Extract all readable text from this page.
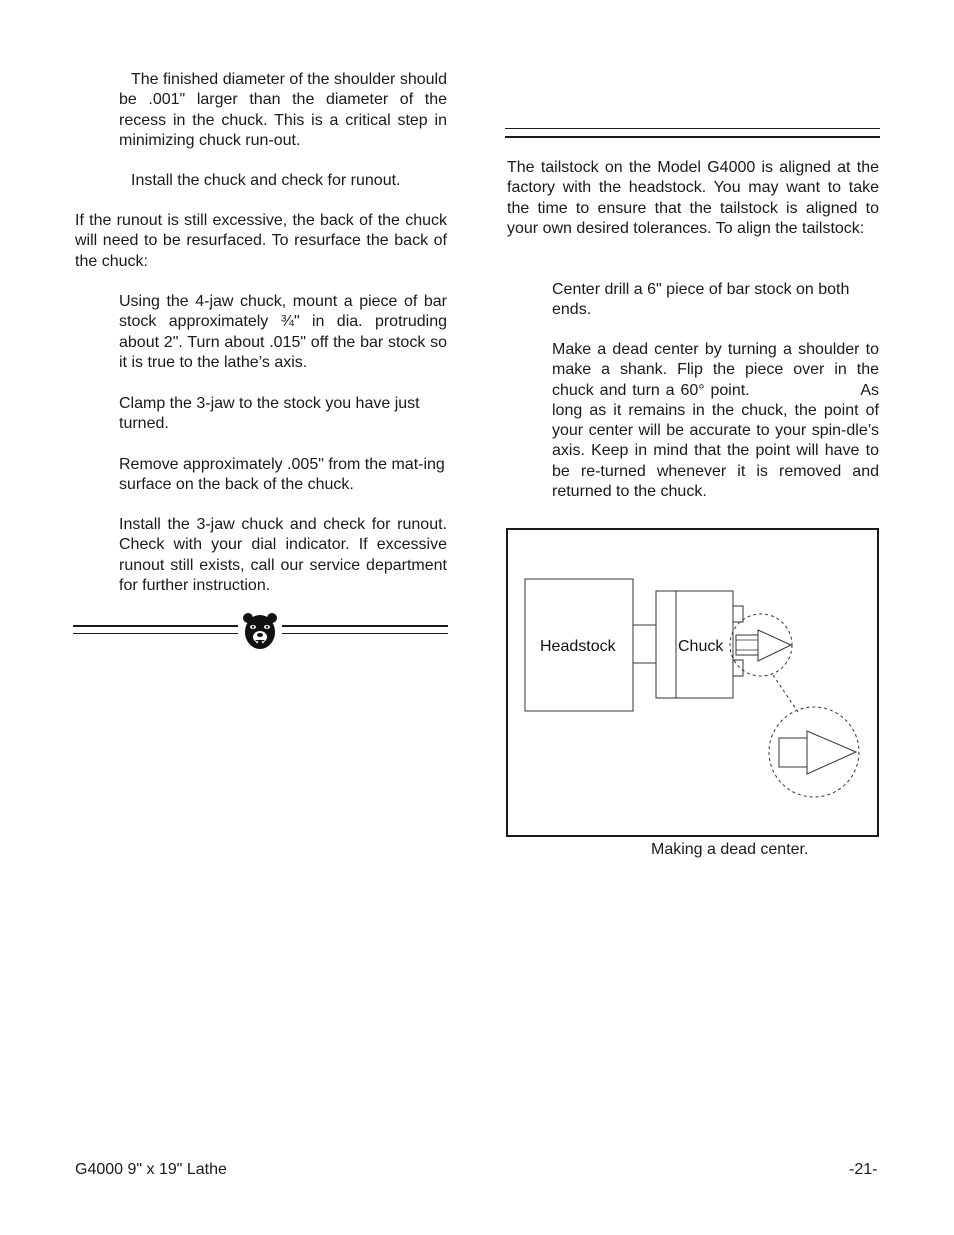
The finished diameter of the shoulder should be .001" larger than the diameter of the recess in the chuck. This is a critical step in minimizing chuck run-out.

Install the chuck and check for runout.

If the runout is still excessive, the back of the chuck will need to be resurfaced. To resurface the back of the chuck:

Using the 4-jaw chuck, mount a piece of bar stock approximately ¾" in dia. protruding about 2". Turn about .015" off the bar stock so it is true to the lathe’s axis.

Clamp the 3-jaw to the stock you have just turned.

Remove approximately .005" from the mat-ing surface on the back of the chuck.

Install the 3-jaw chuck and check for runout. Check with your dial indicator. If excessive runout still exists, call our service department for further instruction.

The tailstock on the Model G4000 is aligned at the factory with the headstock. You may want to take the time to ensure that the tailstock is aligned to your own desired tolerances. To align the tailstock:

Center drill a 6" piece of bar stock on both ends.

Make a dead center by turning a shoulder to make a shank. Flip the piece over in the chuck and turn a 60° point.                   As long as it remains in the chuck, the point of your center will be accurate to your spin-dle’s axis. Keep in mind that the point will have to be re-turned whenever it is removed and returned to the chuck.

Headstock	Chuck
Making a dead center.
G4000 9" x 19" Lathe	-21-
